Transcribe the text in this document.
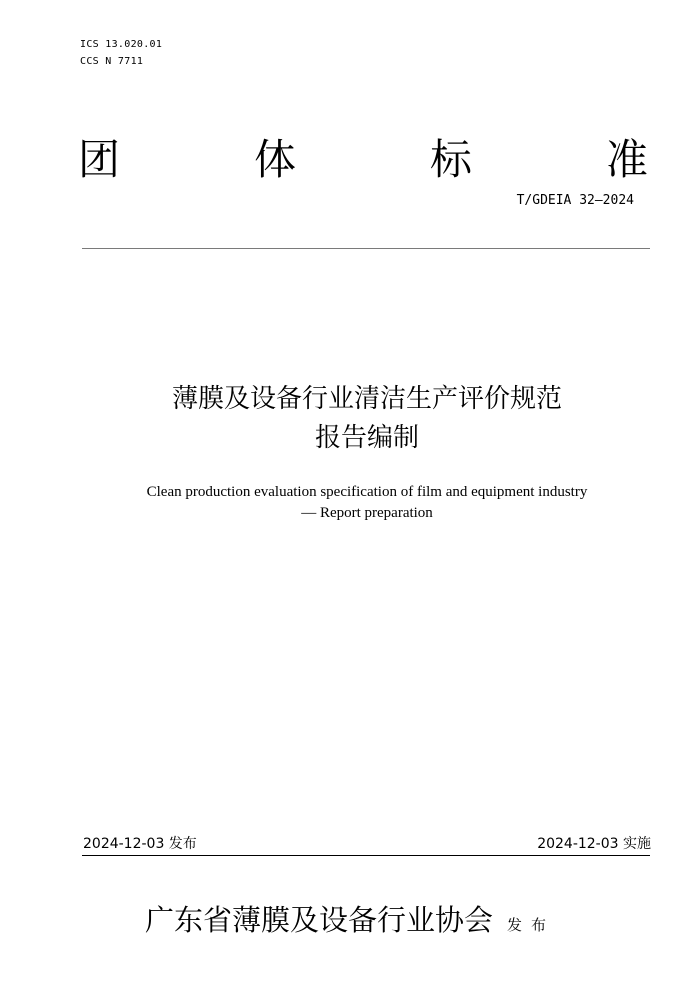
ICS 13.020.01
CCS N 7711
团	体	标	准
T/GDEIA 32—2024
薄膜及设备行业清洁生产评价规范
报告编制
Clean production evaluation specification of film and equipment industry
— Report preparation
2024-12-03 发布	2024-12-03 实施
广东省薄膜及设备行业协会 发布
